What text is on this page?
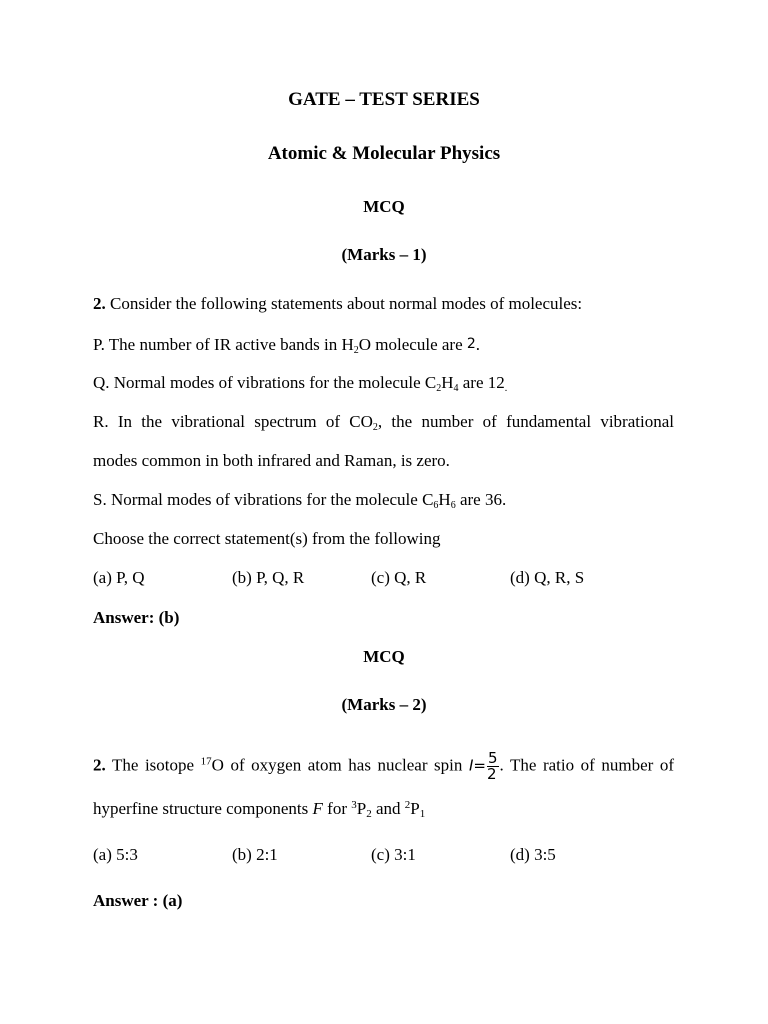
GATE – TEST SERIES
Atomic & Molecular Physics
MCQ
(Marks – 1)
2. Consider the following statements about normal modes of molecules:
P. The number of IR active bands in $H_2O$ molecule are 2.
Q. Normal modes of vibrations for the molecule $C_2H_4$ are $12_.$
R. In the vibrational spectrum of $CO_2$, the number of fundamental vibrational
modes common in both infrared and Raman, is zero.
S. Normal modes of vibrations for the molecule $C_6H_6$ are 36.
Choose the correct statement(s) from the following
(a) P, Q	(b) P, Q, R	(c) Q, R	(d) Q, R, S
Answer: (b)
MCQ
(Marks – 2)
2. The isotope $^{17}$O of oxygen atom has nuclear spin $I= \frac{5}{2}$ . The ratio of number of
hyperfine structure components F for $^3P_2$ and $^2P_1$
(a) 5:3	(b) 2:1	(c) 3:1	(d) 3:5
Answer : (a)
